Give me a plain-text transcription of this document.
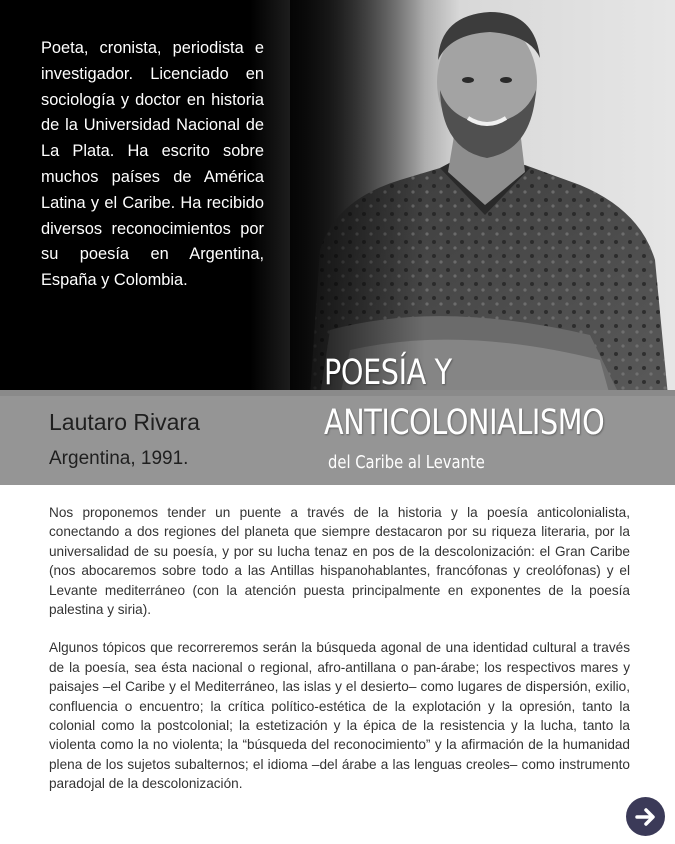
Poeta, cronista, periodista e investigador. Licenciado en sociología y doctor en historia de la Universidad Nacional de La Plata. Ha escrito sobre muchos países de América Latina y el Caribe. Ha recibido diversos reconocimientos por su poesía en Argentina, España y Colombia.

Lautaro Rivara

Argentina, 1991.

POESÍA Y
ANTICOLONIALISMO

del Caribe al Levante

Nos proponemos tender un puente a través de la historia y la poesía anticolonialista, conectando a dos regiones del planeta que siempre destacaron por su riqueza literaria, por la universalidad de su poesía, y por su lucha tenaz en pos de la descolonización: el Gran Caribe (nos abocaremos sobre todo a las Antillas hispanohablantes, francófonas y creolófonas) y el Levante mediterráneo (con la atención puesta principalmente en exponentes de la poesía palestina y siria).

Algunos tópicos que recorreremos serán la búsqueda agonal de una identidad cultural a través de la poesía, sea ésta nacional o regional, afro-antillana o pan-árabe; los respectivos mares y paisajes –el Caribe y el Mediterráneo, las islas y el desierto– como lugares de dispersión, exilio, confluencia o encuentro; la crítica político-estética de la explotación y la opresión, tanto la colonial como la postcolonial; la estetización y la épica de la resistencia y la lucha, tanto la violenta como la no violenta; la “búsqueda del reconocimiento” y la afirmación de la humanidad plena de los sujetos subalternos; el idioma –del árabe a las lenguas creoles– como instrumento paradojal de la descolonización.
